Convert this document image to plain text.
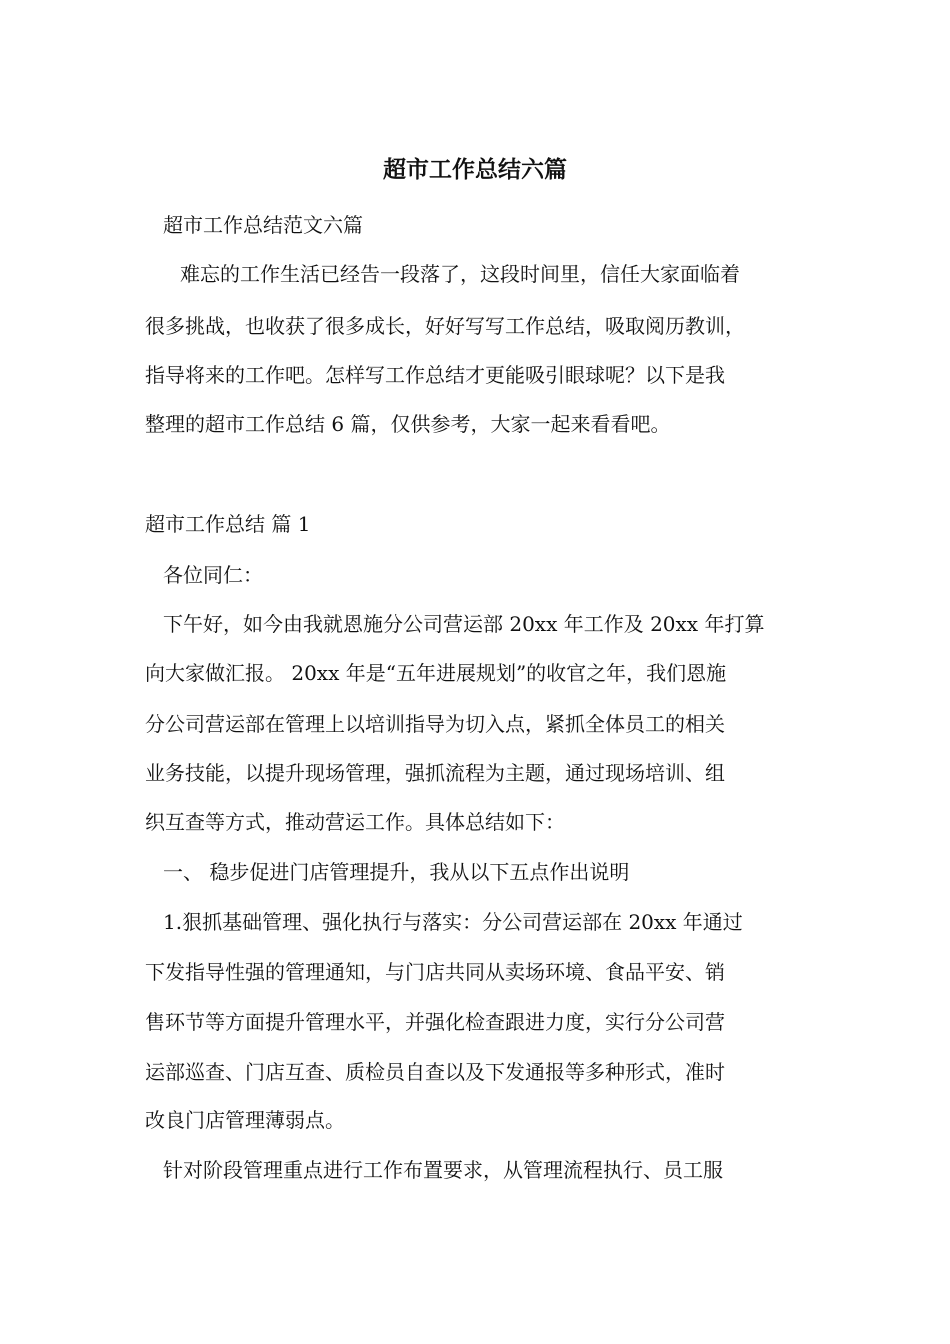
超市工作总结六篇
超市工作总结范文六篇
难忘的工作生活已经告一段落了，这段时间里，信任大家面临着
很多挑战，也收获了很多成长，好好写写工作总结，吸取阅历教训，
指导将来的工作吧。怎样写工作总结才更能吸引眼球呢？以下是我
整理的超市工作总结 6 篇，仅供参考，大家一起来看看吧。
超市工作总结 篇 1
各位同仁：
下午好，如今由我就恩施分公司营运部 20xx 年工作及 20xx 年打算
向大家做汇报。 20xx 年是“五年进展规划”的收官之年，我们恩施
分公司营运部在管理上以培训指导为切入点，紧抓全体员工的相关
业务技能，以提升现场管理，强抓流程为主题，通过现场培训、组
织互查等方式，推动营运工作。具体总结如下：
一、 稳步促进门店管理提升，我从以下五点作出说明
1.狠抓基础管理、强化执行与落实：分公司营运部在 20xx 年通过
下发指导性强的管理通知，与门店共同从卖场环境、食品平安、销
售环节等方面提升管理水平，并强化检查跟进力度，实行分公司营
运部巡查、门店互查、质检员自查以及下发通报等多种形式，准时
改良门店管理薄弱点。
针对阶段管理重点进行工作布置要求，从管理流程执行、员工服
